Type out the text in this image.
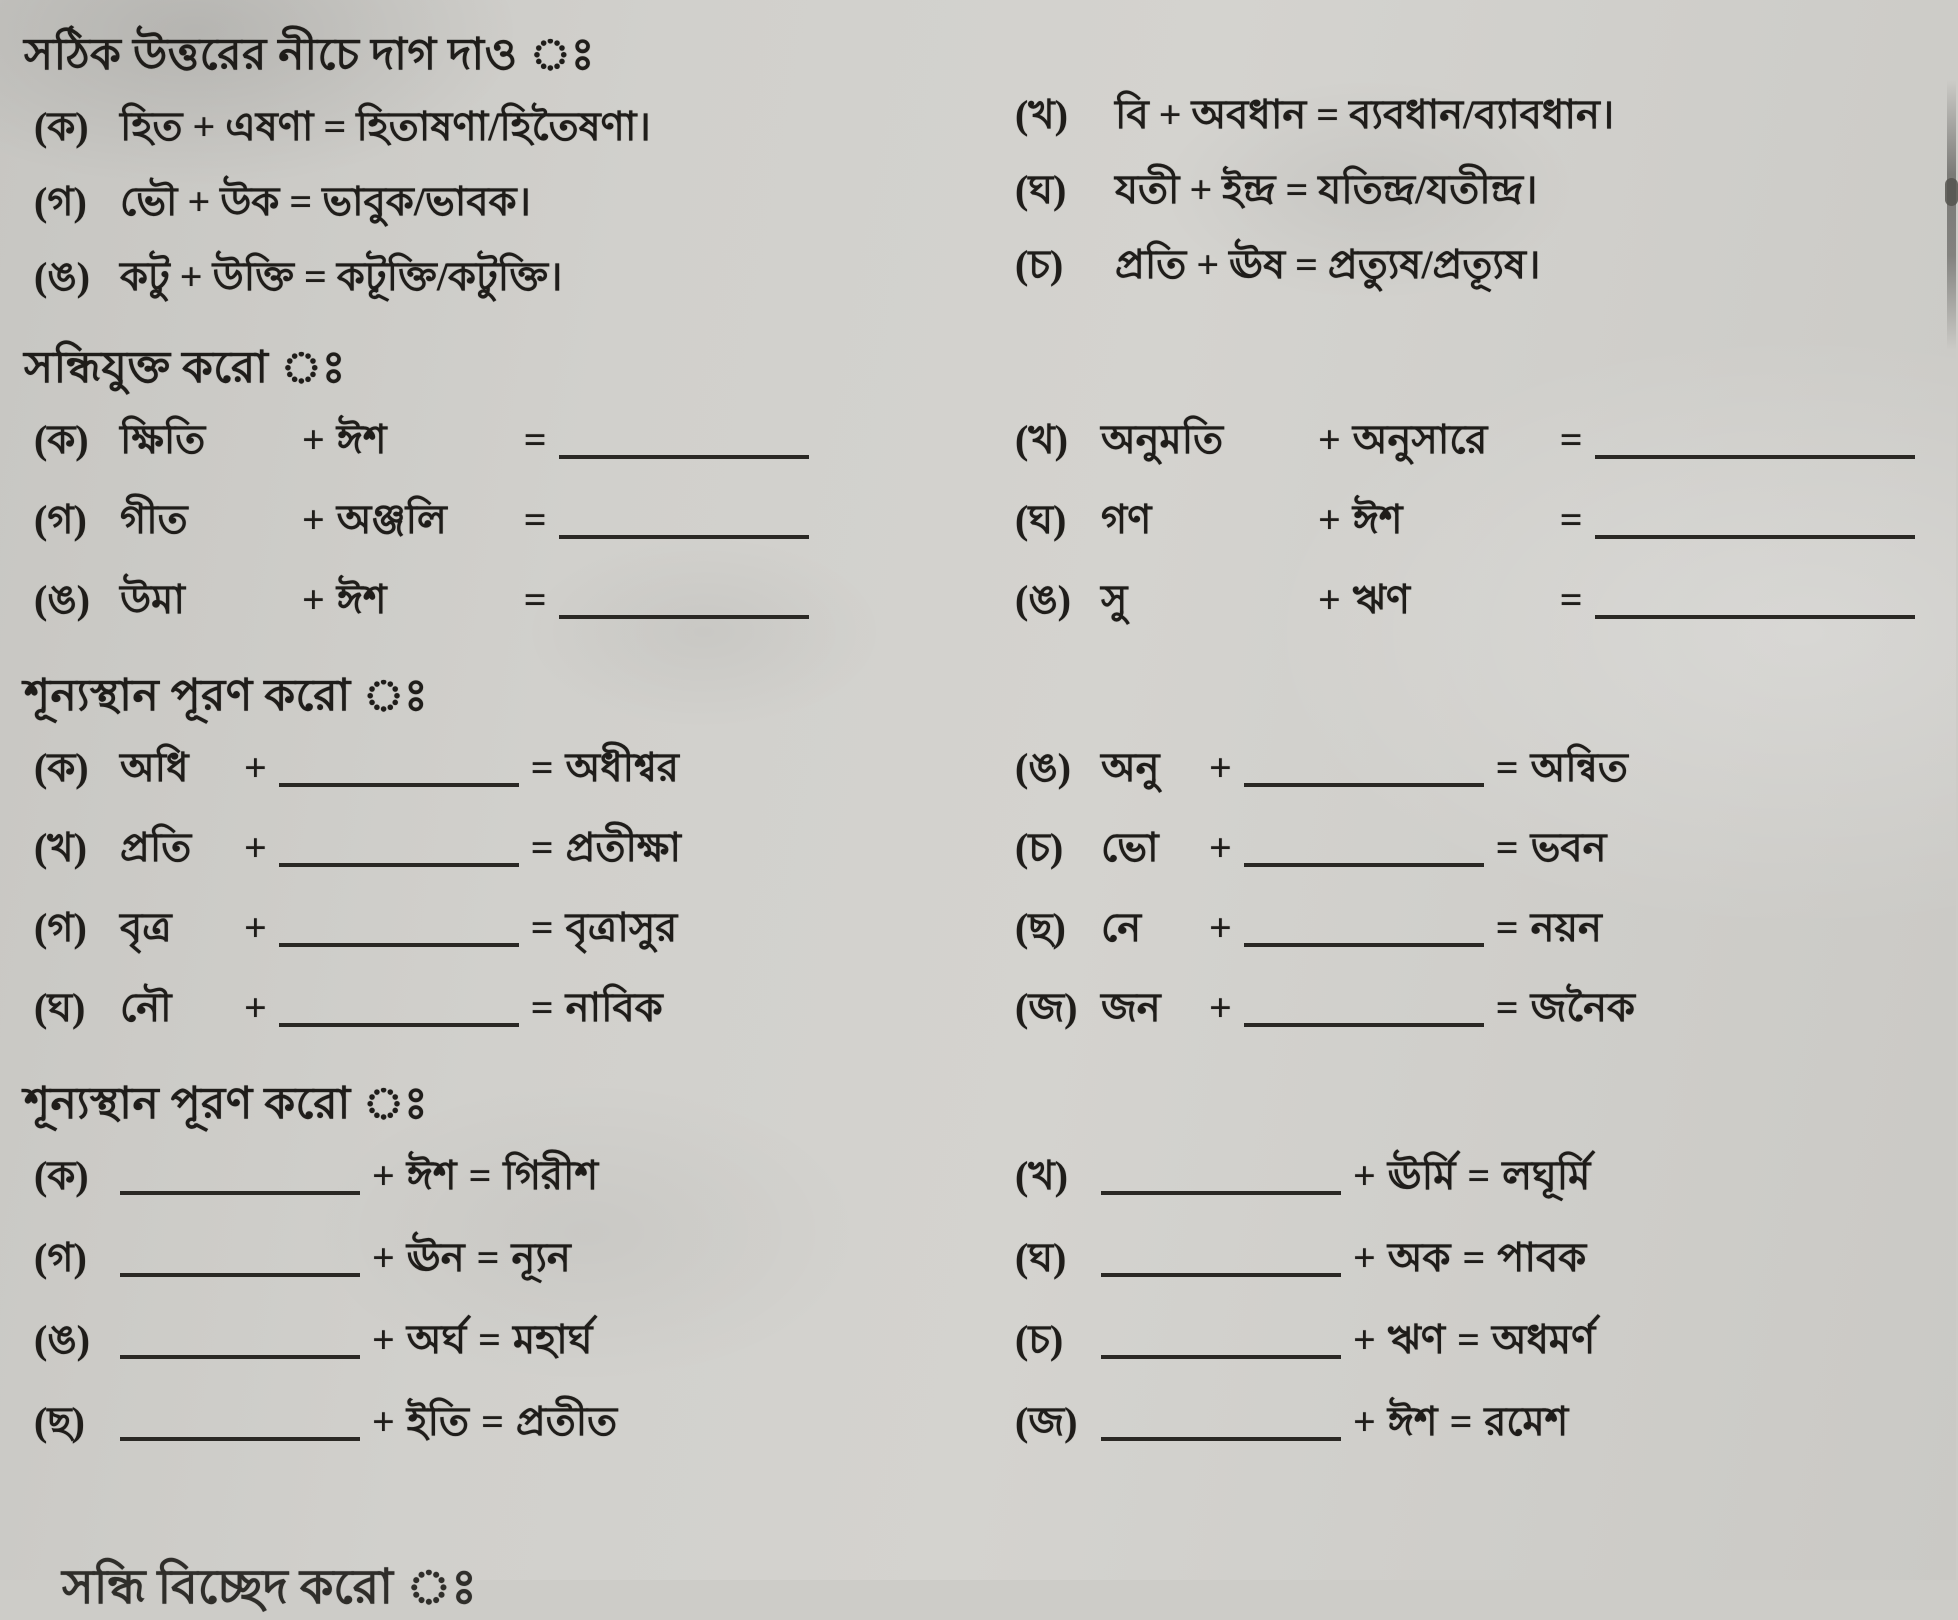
সঠিক উত্তরের নীচে দাগ দাও ঃ
(ক) হিত + এষণা = হিতাষণা/হিতৈষণা।
(গ) ভৌ + উক = ভাবুক/ভাবক।
(ঙ) কটু + উক্তি = কটূক্তি/কটুক্তি।
(খ)	বি + অবধান = ব্যবধান/ব্যাবধান।
(ঘ)	যতী + ইন্দ্র = যতিন্দ্র/যতীন্দ্র।
(চ)	প্রতি + ঊষ = প্রত্যুষ/প্রত্যূষ।
সন্ধিযুক্ত করো ঃ
(ক) ক্ষিতি	+ ঈশ	=
(গ) গীত	+ অঞ্জলি	=
(ঙ) উমা	+ ঈশ	=
(খ) অনুমতি	+ অনুসারে	=
(ঘ) গণ	+ ঈশ	=
(ঙ) সু	+ ঋণ	=
শূন্যস্থান পূরণ করো ঃ
(ক) অধি	+	= অধীশ্বর
(খ) প্রতি	+	= প্রতীক্ষা
(গ) বৃত্র	+	= বৃত্রাসুর
(ঘ) নৌ	+	= নাবিক
(ঙ) অনু	+	= অন্বিত
(চ) ভো	+	= ভবন
(ছ) নে	+	= নয়ন
(জ) জন	+	= জনৈক
শূন্যস্থান পূরণ করো ঃ
(ক)	+ ঈশ = গিরীশ
(গ)	+ ঊন = ন্যূন
(ঙ)	+ অর্ঘ = মহার্ঘ
(ছ)	+ ইতি = প্রতীত
(খ)	+ ঊর্মি = লঘূর্মি
(ঘ)	+ অক = পাবক
(চ)	+ ঋণ = অধমর্ণ
(জ)	+ ঈশ = রমেশ
সন্ধি বিচ্ছেদ করো ঃ
